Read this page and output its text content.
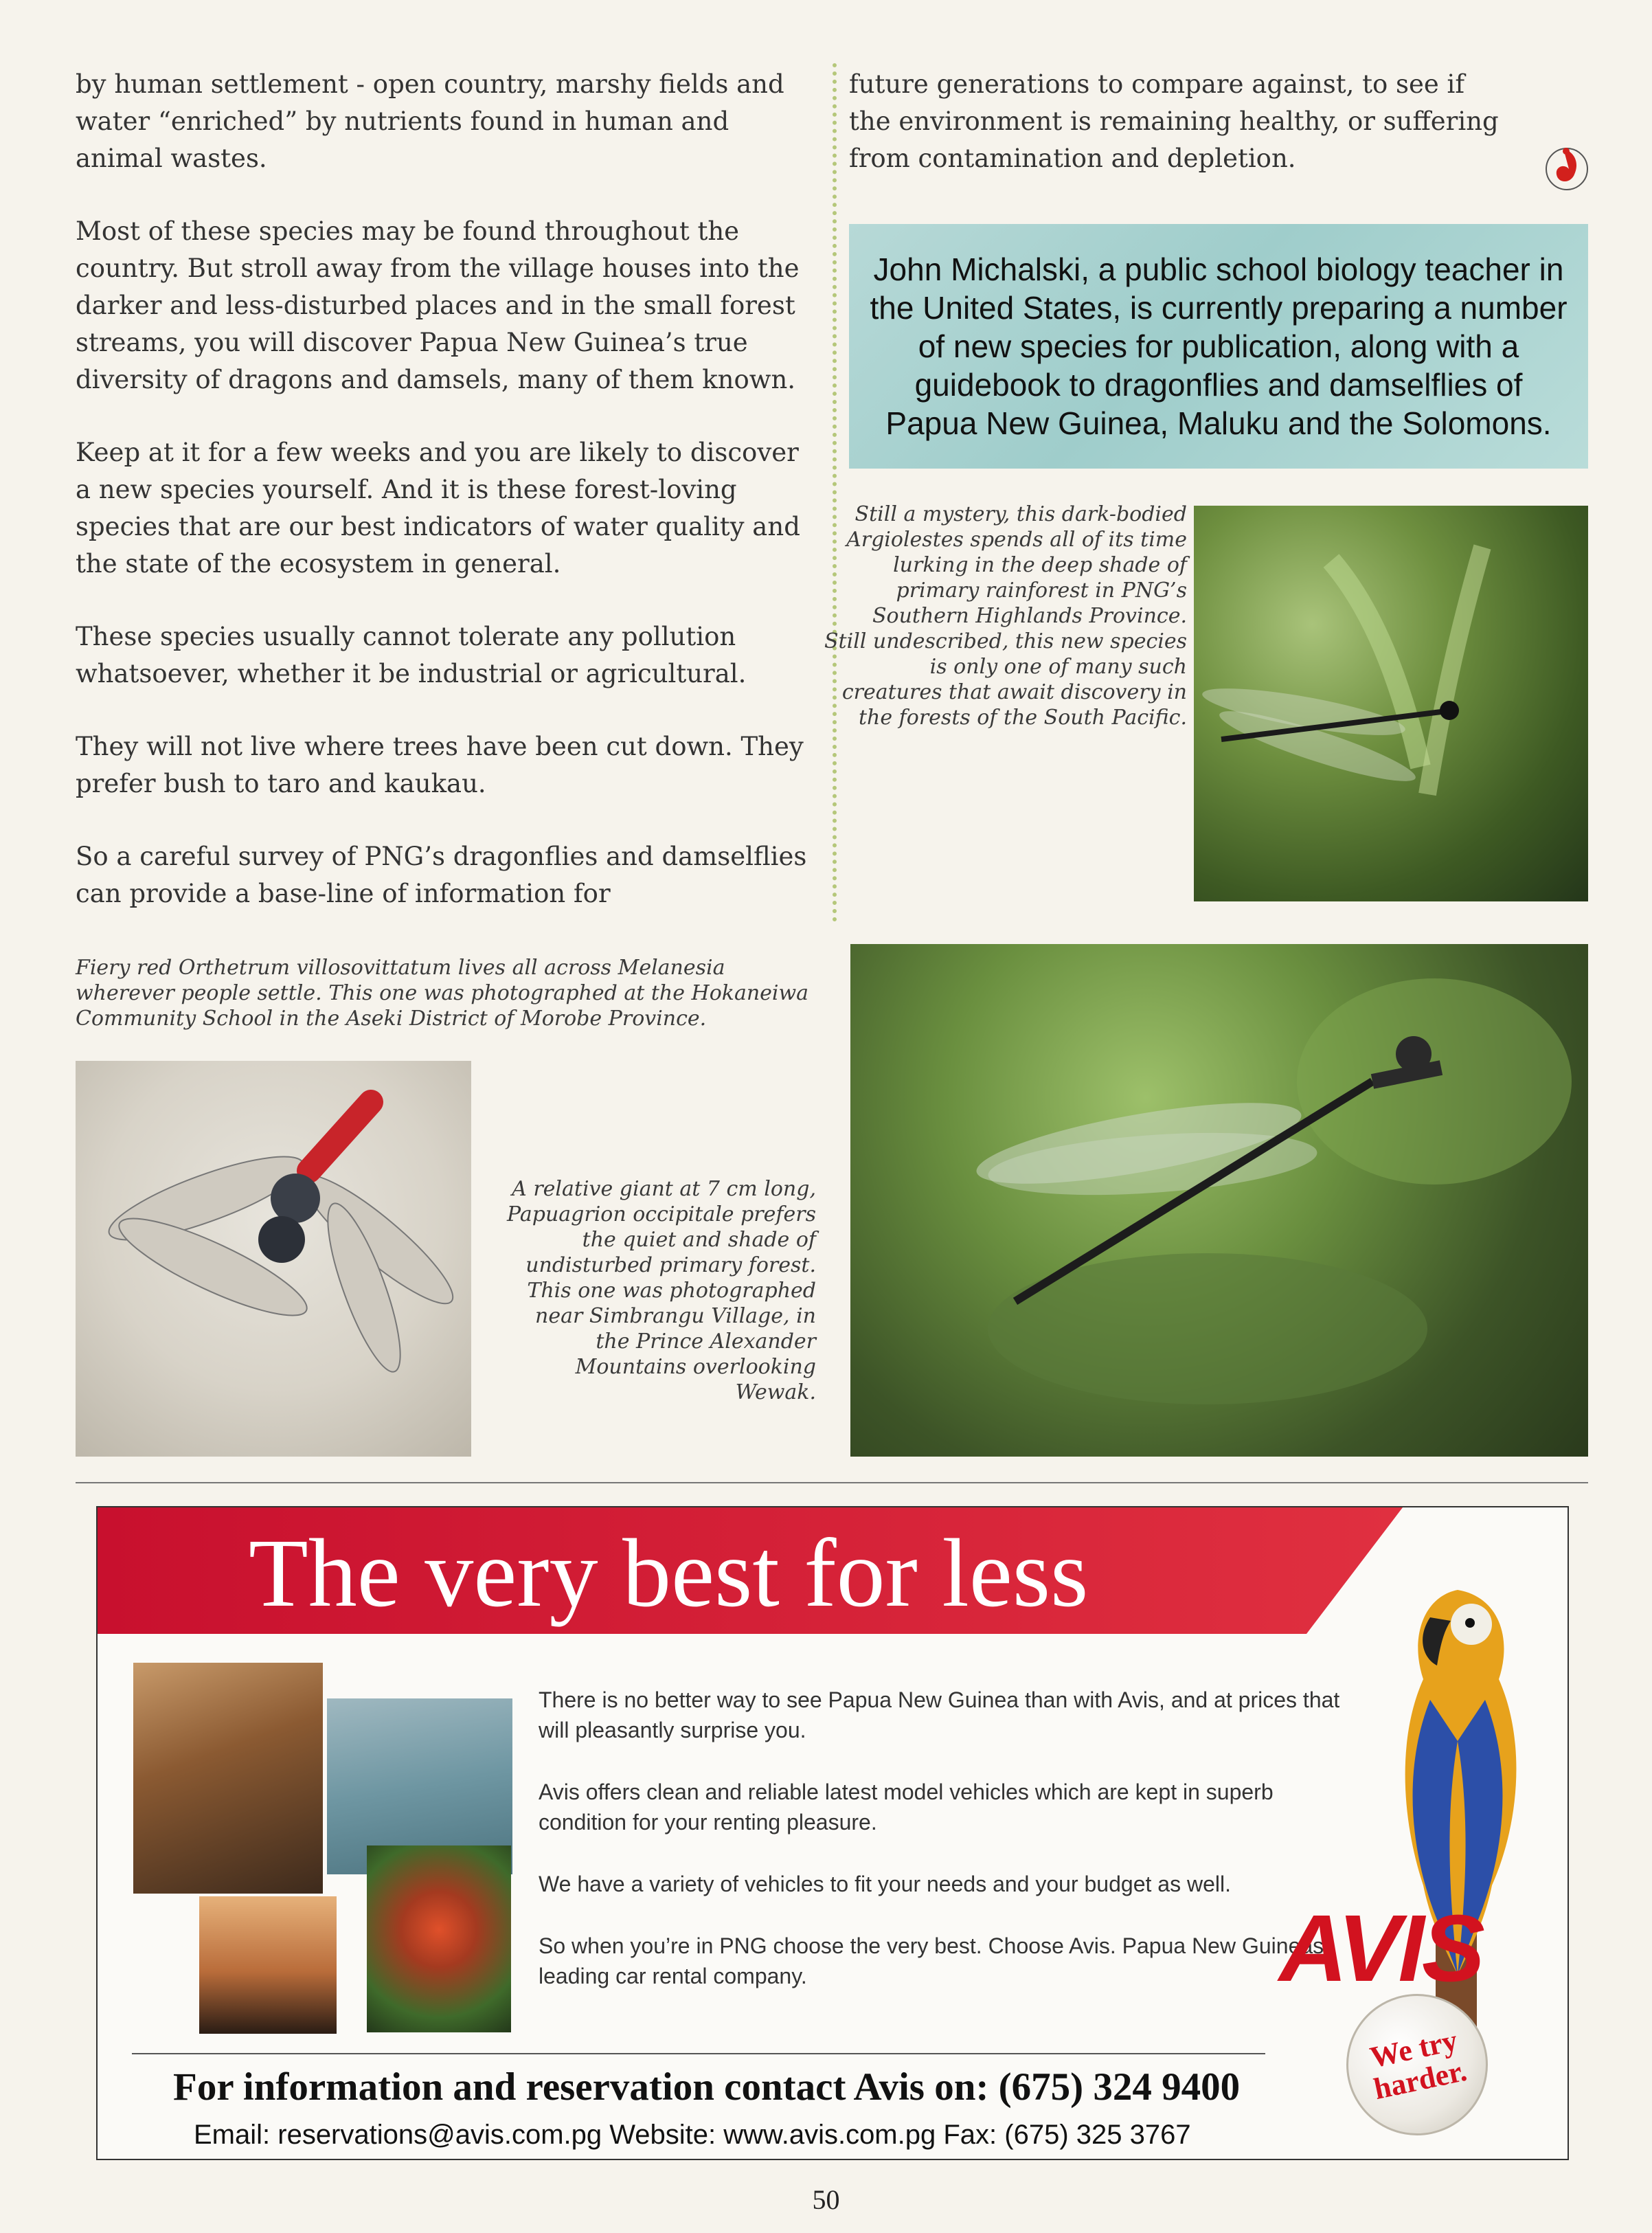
by human settlement - open country, marshy fields and water “enriched” by nutrients found in human and animal wastes.

Most of these species may be found throughout the country. But stroll away from the village houses into the darker and less-disturbed places and in the small forest streams, you will discover Papua New Guinea’s true diversity of dragons and damsels, many of them known.

Keep at it for a few weeks and you are likely to discover a new species yourself. And it is these forest-loving species that are our best indicators of water quality and the state of the ecosystem in general.

These species usually cannot tolerate any pollution whatsoever, whether it be industrial or agricultural.

They will not live where trees have been cut down. They prefer bush to taro and kaukau.

So a careful survey of PNG’s dragonflies and damselflies can provide a base-line of information for

future generations to compare against, to see if the environment is remaining healthy, or suffering from contamination and depletion.

John Michalski, a public school biology teacher in the United States, is currently preparing a number of new species for publication, along with a guidebook to dragonflies and damselflies of Papua New Guinea, Maluku and the Solomons.

Still a mystery, this dark-bodied Argiolestes spends all of its time lurking in the deep shade of primary rainforest in PNG’s Southern Highlands Province. Still undescribed, this new species is only one of many such creatures that await discovery in the forests of the South Pacific.

Fiery red Orthetrum villosovittatum lives all across Melanesia wherever people settle. This one was photographed at the Hokaneiwa Community School in the Aseki District of Morobe Province.

A relative giant at 7 cm long, Papuagrion occipitale prefers the quiet and shade of undisturbed primary forest. This one was photographed near Simbrangu Village, in the Prince Alexander Mountains overlooking Wewak.

The very best for less

There is no better way to see Papua New Guinea than with Avis, and at prices that will pleasantly surprise you.

Avis offers clean and reliable latest model vehicles which are kept in superb condition for your renting pleasure.

We have a variety of vehicles to fit your needs and your budget as well.

So when you’re in PNG choose the very best. Choose Avis. Papua New Guineas leading car rental company.	AVIS
We try harder.
For information and reservation contact Avis on: (675) 324 9400
Email: reservations@avis.com.pg Website: www.avis.com.pg Fax: (675) 325 3767
50
